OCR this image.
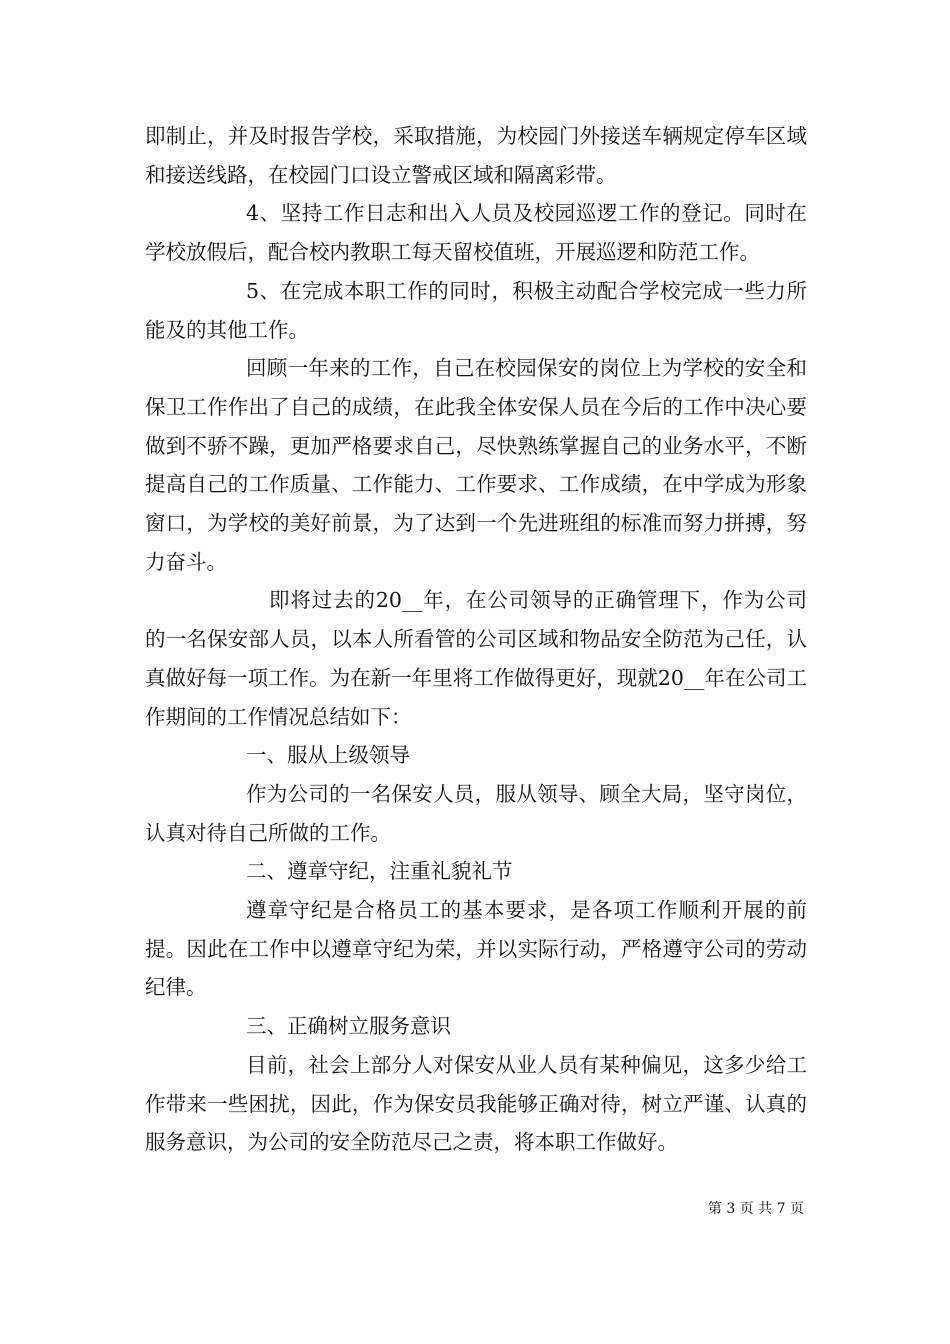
即制止，并及时报告学校，采取措施，为校园门外接送车辆规定停车区域和接送线路，在校园门口设立警戒区域和隔离彩带。

4、坚持工作日志和出入人员及校园巡逻工作的登记。同时在学校放假后，配合校内教职工每天留校值班，开展巡逻和防范工作。

5、在完成本职工作的同时，积极主动配合学校完成一些力所能及的其他工作。

回顾一年来的工作，自己在校园保安的岗位上为学校的安全和保卫工作作出了自己的成绩，在此我全体安保人员在今后的工作中决心要做到不骄不躁，更加严格要求自己，尽快熟练掌握自己的业务水平，不断提高自己的工作质量、工作能力、工作要求、工作成绩，在中学成为形象窗口，为学校的美好前景，为了达到一个先进班组的标准而努力拼搏，努力奋斗。

即将过去的20__年，在公司领导的正确管理下，作为公司的一名保安部人员，以本人所看管的公司区域和物品安全防范为己任，认真做好每一项工作。为在新一年里将工作做得更好，现就20__年在公司工作期间的工作情况总结如下：

一、服从上级领导

作为公司的一名保安人员，服从领导、顾全大局，坚守岗位，认真对待自己所做的工作。

二、遵章守纪，注重礼貌礼节

遵章守纪是合格员工的基本要求，是各项工作顺利开展的前提。因此在工作中以遵章守纪为荣，并以实际行动，严格遵守公司的劳动纪律。

三、正确树立服务意识

目前，社会上部分人对保安从业人员有某种偏见，这多少给工作带来一些困扰，因此，作为保安员我能够正确对待，树立严谨、认真的服务意识，为公司的安全防范尽己之责，将本职工作做好。

第 3 页 共 7 页
